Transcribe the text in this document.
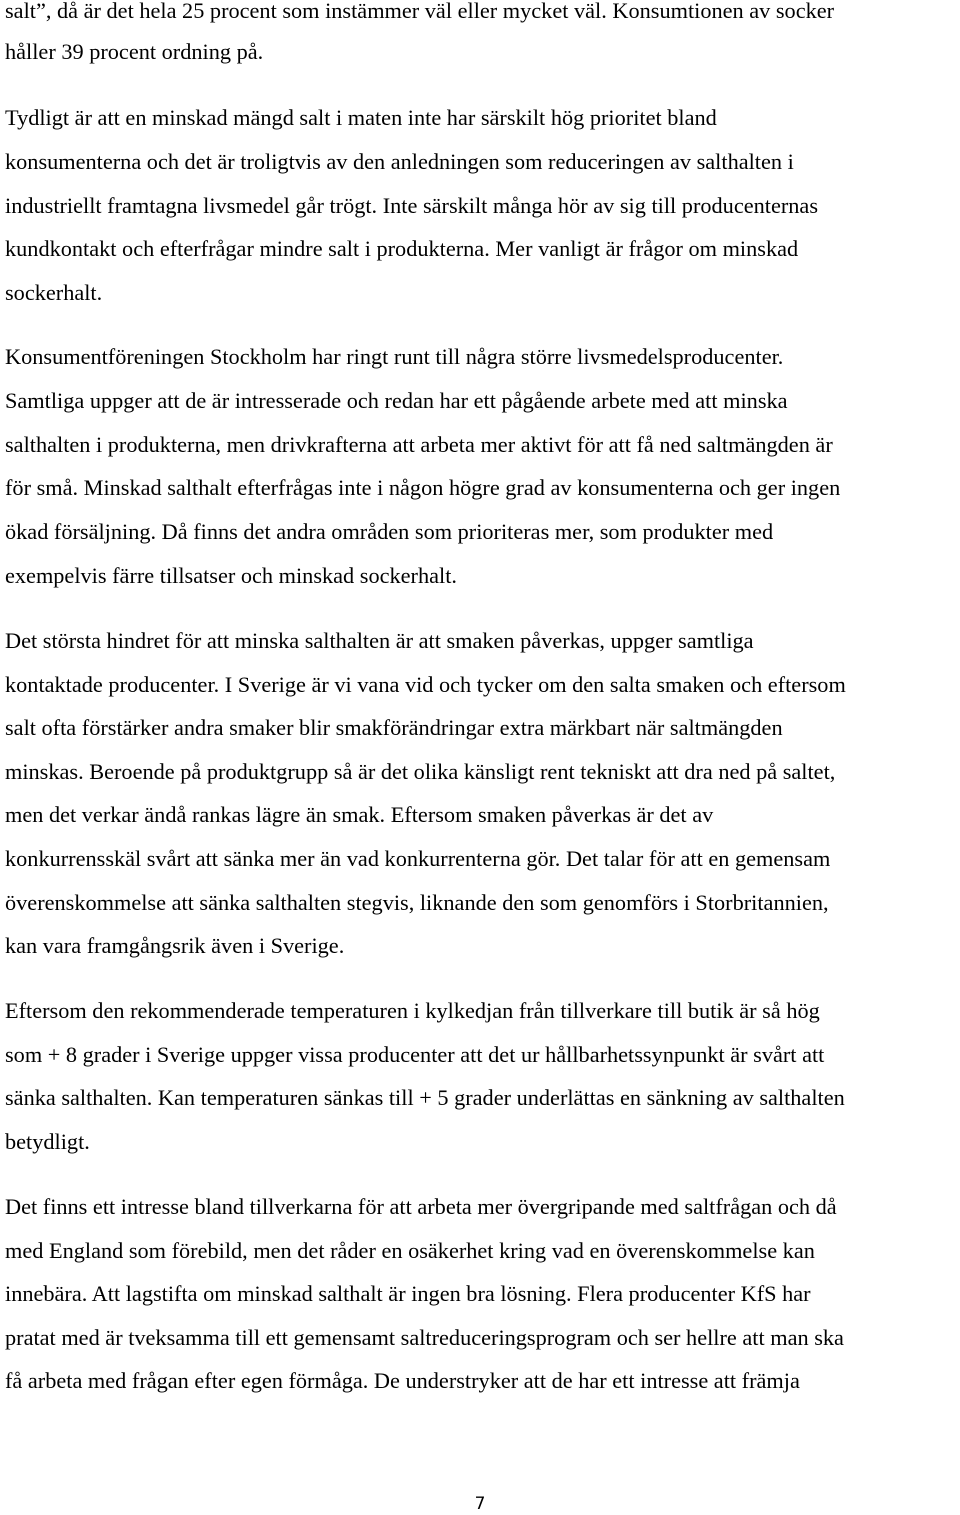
salt”, då är det hela 25 procent som instämmer väl eller mycket väl. Konsumtionen av socker
håller 39 procent ordning på.
Tydligt är att en minskad mängd salt i maten inte har särskilt hög prioritet bland
konsumenterna och det är troligtvis av den anledningen som reduceringen av salthalten i
industriellt framtagna livsmedel går trögt. Inte särskilt många hör av sig till producenternas
kundkontakt och efterfrågar mindre salt i produkterna. Mer vanligt är frågor om minskad
sockerhalt.
Konsumentföreningen Stockholm har ringt runt till några större livsmedelsproducenter.
Samtliga uppger att de är intresserade och redan har ett pågående arbete med att minska
salthalten i produkterna, men drivkrafterna att arbeta mer aktivt för att få ned saltmängden är
för små. Minskad salthalt efterfrågas inte i någon högre grad av konsumenterna och ger ingen
ökad försäljning. Då finns det andra områden som prioriteras mer, som produkter med
exempelvis färre tillsatser och minskad sockerhalt.
Det största hindret för att minska salthalten är att smaken påverkas, uppger samtliga
kontaktade producenter. I Sverige är vi vana vid och tycker om den salta smaken och eftersom
salt ofta förstärker andra smaker blir smakförändringar extra märkbart när saltmängden
minskas. Beroende på produktgrupp så är det olika känsligt rent tekniskt att dra ned på saltet,
men det verkar ändå rankas lägre än smak. Eftersom smaken påverkas är det av
konkurrensskäl svårt att sänka mer än vad konkurrenterna gör. Det talar för att en gemensam
överenskommelse att sänka salthalten stegvis, liknande den som genomförs i Storbritannien,
kan vara framgångsrik även i Sverige.
Eftersom den rekommenderade temperaturen i kylkedjan från tillverkare till butik är så hög
som + 8 grader i Sverige uppger vissa producenter att det ur hållbarhetssynpunkt är svårt att
sänka salthalten. Kan temperaturen sänkas till + 5 grader underlättas en sänkning av salthalten
betydligt.
Det finns ett intresse bland tillverkarna för att arbeta mer övergripande med saltfrågan och då
med England som förebild, men det råder en osäkerhet kring vad en överenskommelse kan
innebära. Att lagstifta om minskad salthalt är ingen bra lösning. Flera producenter KfS har
pratat med är tveksamma till ett gemensamt saltreduceringsprogram och ser hellre att man ska
få arbeta med frågan efter egen förmåga. De understryker att de har ett intresse att främja
7
